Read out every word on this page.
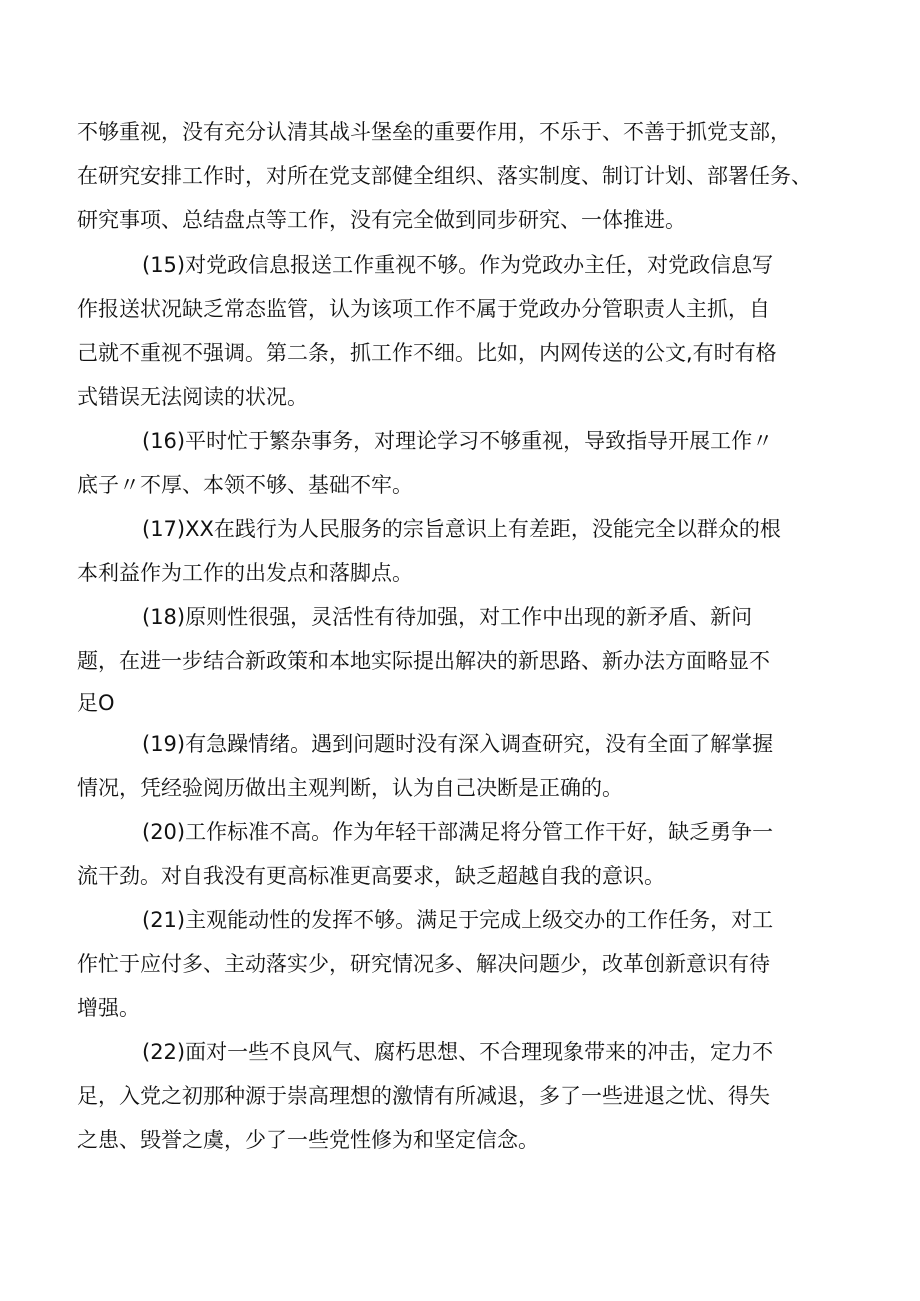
不够重视，没有充分认清其战斗堡垒的重要作用，不乐于、不善于抓党支部，

在研究安排工作时，对所在党支部健全组织、落实制度、制订计划、部署任务、

研究事项、总结盘点等工作，没有完全做到同步研究、一体推进。

(15)对党政信息报送工作重视不够。作为党政办主任，对党政信息写

作报送状况缺乏常态监管，认为该项工作不属于党政办分管职责人主抓，自

己就不重视不强调。第二条，抓工作不细。比如，内网传送的公文,有时有格

式错误无法阅读的状况。

(16)平时忙于繁杂事务，对理论学习不够重视，导致指导开展工作〃

底子〃不厚、本领不够、基础不牢。

(17)XX在践行为人民服务的宗旨意识上有差距，没能完全以群众的根

本利益作为工作的出发点和落脚点。

(18)原则性很强，灵活性有待加强，对工作中出现的新矛盾、新问

题，在进一步结合新政策和本地实际提出解决的新思路、新办法方面略显不

足O

(19)有急躁情绪。遇到问题时没有深入调查研究，没有全面了解掌握

情况，凭经验阅历做出主观判断，认为自己决断是正确的。

(20)工作标准不高。作为年轻干部满足将分管工作干好，缺乏勇争一

流干劲。对自我没有更高标准更高要求，缺乏超越自我的意识。

(21)主观能动性的发挥不够。满足于完成上级交办的工作任务，对工

作忙于应付多、主动落实少，研究情况多、解决问题少，改革创新意识有待

增强。

(22)面对一些不良风气、腐朽思想、不合理现象带来的冲击，定力不

足，入党之初那种源于崇高理想的激情有所减退，多了一些进退之忧、得失

之患、毁誉之虞，少了一些党性修为和坚定信念。
